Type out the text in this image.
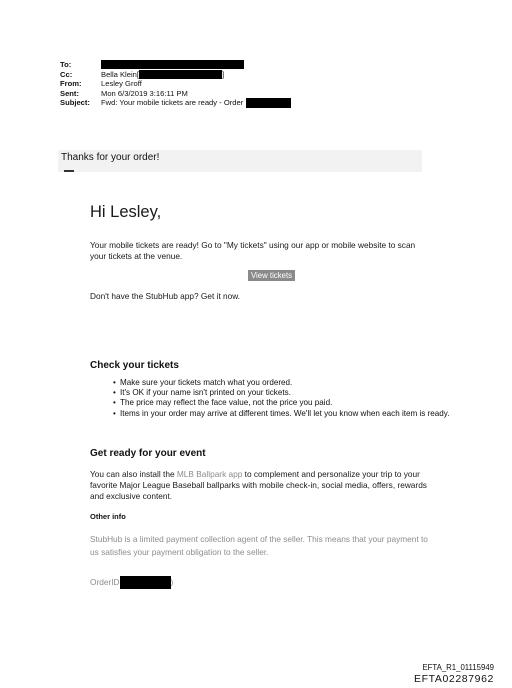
To:
Cc:	Bella Klein[	]
From:	Lesley Groff
Sent:	Mon 6/3/2019 3:16:11 PM
Subject:	Fwd: Your mobile tickets are ready - Order
Thanks for your order!
Hi Lesley,
Your mobile tickets are ready! Go to "My tickets" using our app or mobile website to scan
your tickets at the venue.
View tickets
Don't have the StubHub app? Get it now.
Check your tickets
• Make sure your tickets match what you ordered.
• It's OK if your name isn't printed on your tickets.
• The price may reflect the face value, not the price you paid.
• Items in your order may arrive at different times. We'll let you know when each item is ready.
Get ready for your event
You can also install the MLB Ballpark app to complement and personalize your trip to your
favorite Major League Baseball ballparks with mobile check-in, social media, offers, rewards
and exclusive content.
Other info
StubHub is a limited payment collection agent of the seller. This means that your payment to
us satisfies your payment obligation to the seller.
OrderID	)
EFTA_R1_01115949
EFTA02287962
